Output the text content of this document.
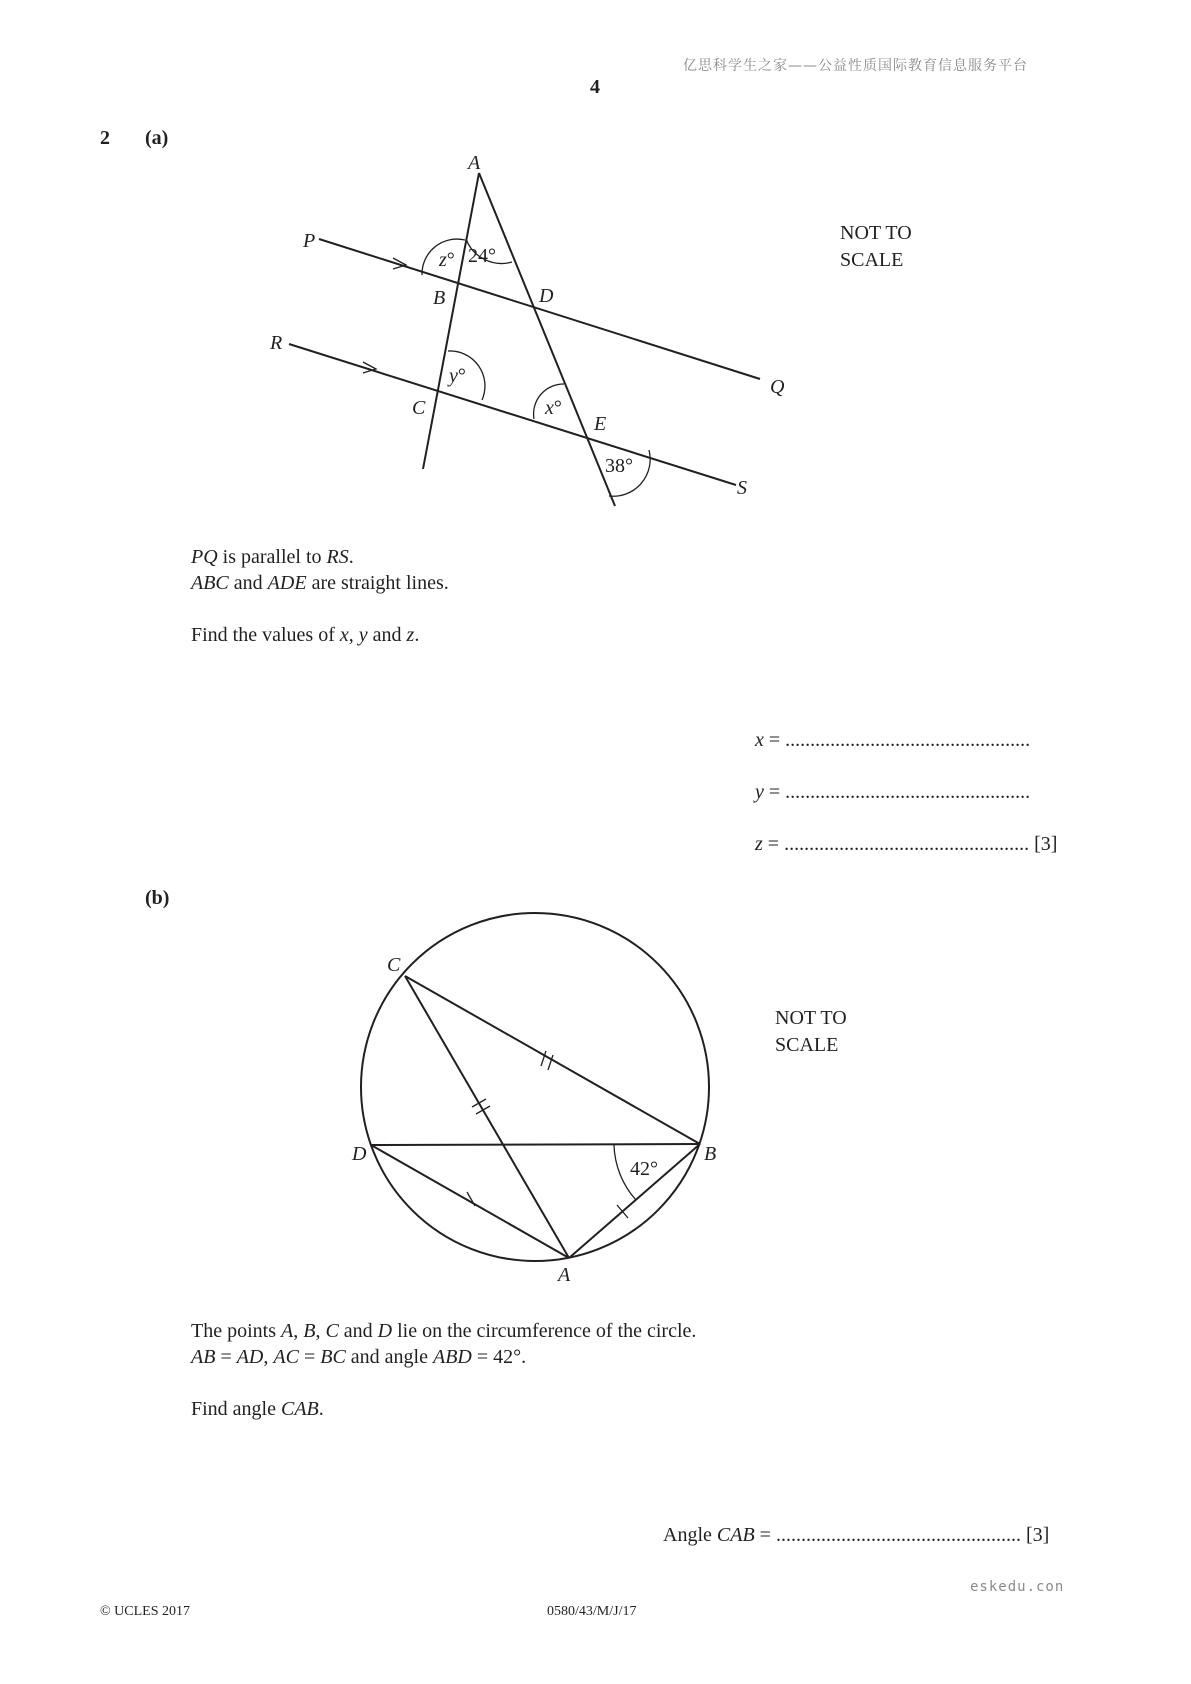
亿思科学生之家——公益性质国际教育信息服务平台
4
2 (a)
A
P
B	D
R
Q
C
E
S
z° 24°
y°
x°
38°
NOT TO
SCALE
PQ is parallel to RS.
ABC and ADE are straight lines.
Find the values of x, y and z.
x = .................................................
y = .................................................
z = ................................................. [3]
(b)
C
D	B
A
42°
NOT TO
SCALE
The points A, B, C and D lie on the circumference of the circle.
AB = AD, AC = BC and angle ABD = 42°.
Find angle CAB.
Angle CAB = ................................................. [3]
eskedu.con
© UCLES 2017	0580/43/M/J/17
